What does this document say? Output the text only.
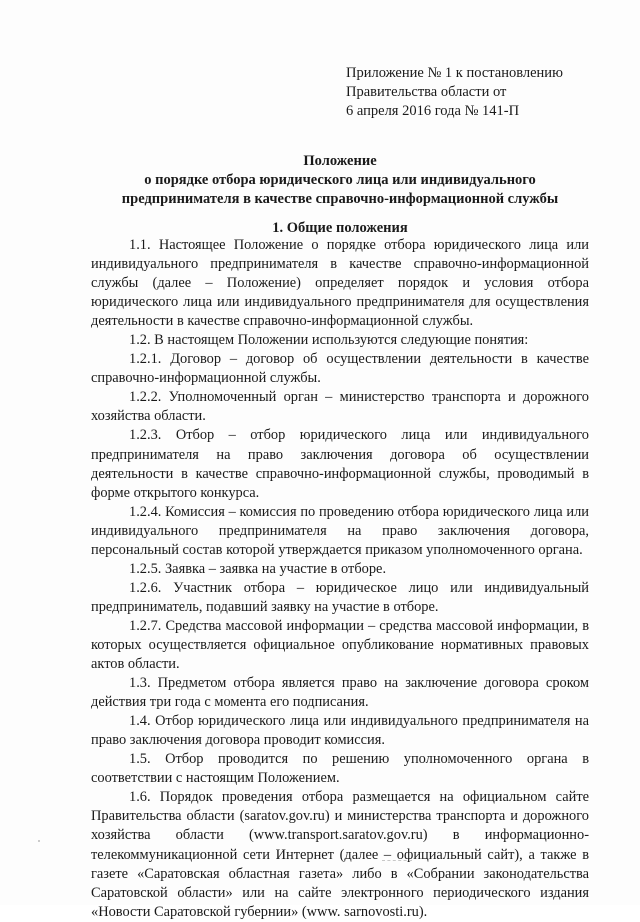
Приложение № 1 к постановлению
Правительства области от
6 апреля 2016 года № 141-П
Положение
о порядке отбора юридического лица или индивидуального
предпринимателя в качестве справочно-информационной службы
1. Общие положения

1.1. Настоящее Положение о порядке отбора юридического лица или индивидуального предпринимателя в качестве справочно-информационной службы (далее – Положение) определяет порядок и условия отбора юридического лица или индивидуального предпринимателя для осуществления деятельности в качестве справочно-информационной службы.

1.2. В настоящем Положении используются следующие понятия:

1.2.1. Договор – договор об осуществлении деятельности в качестве справочно-информационной службы.

1.2.2. Уполномоченный орган – министерство транспорта и дорожного хозяйства области.

1.2.3. Отбор – отбор юридического лица или индивидуального предпринимателя на право заключения договора об осуществлении деятельности в качестве справочно-информационной службы, проводимый в форме открытого конкурса.

1.2.4. Комиссия – комиссия по проведению отбора юридического лица или индивидуального предпринимателя на право заключения договора, персональный состав которой утверждается приказом уполномоченного органа.

1.2.5. Заявка – заявка на участие в отборе.

1.2.6. Участник отбора – юридическое лицо или индивидуальный предприниматель, подавший заявку на участие в отборе.

1.2.7. Средства массовой информации – средства массовой информации, в которых осуществляется официальное опубликование нормативных правовых актов области.

1.3. Предметом отбора является право на заключение договора сроком действия три года с момента его подписания.

1.4. Отбор юридического лица или индивидуального предпринимателя на право заключения договора проводит комиссия.

1.5. Отбор проводится по решению уполномоченного органа в соответствии с настоящим Положением.

1.6. Порядок проведения отбора размещается на официальном сайте Правительства области (saratov.gov.ru) и министерства транспорта и дорожного хозяйства области (www.transport.saratov.gov.ru) в информационно-телекоммуникационной сети Интернет (далее – официальный сайт), а также в газете «Саратовская областная газета» либо в «Собрании законодательства Саратовской области» или на сайте электронного периодического издания «Новости Саратовской губернии» (www. sarnovosti.ru).
